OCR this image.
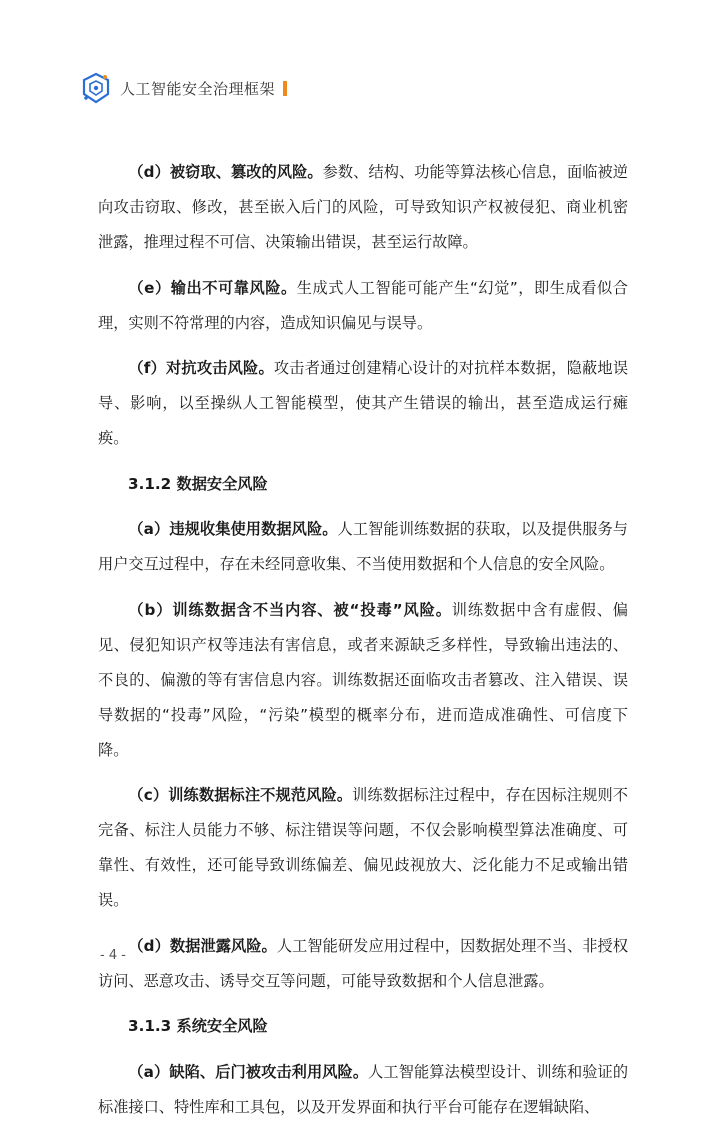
人工智能安全治理框架

（d）被窃取、篡改的风险。参数、结构、功能等算法核心信息，面临被逆向攻击窃取、修改，甚至嵌入后门的风险，可导致知识产权被侵犯、商业机密泄露，推理过程不可信、决策输出错误，甚至运行故障。

（e）输出不可靠风险。生成式人工智能可能产生“幻觉”，即生成看似合理，实则不符常理的内容，造成知识偏见与误导。

（f）对抗攻击风险。攻击者通过创建精心设计的对抗样本数据，隐蔽地误导、影响，以至操纵人工智能模型，使其产生错误的输出，甚至造成运行瘫痪。

3.1.2 数据安全风险

（a）违规收集使用数据风险。人工智能训练数据的获取，以及提供服务与用户交互过程中，存在未经同意收集、不当使用数据和个人信息的安全风险。

（b）训练数据含不当内容、被“投毒”风险。训练数据中含有虚假、偏见、侵犯知识产权等违法有害信息，或者来源缺乏多样性，导致输出违法的、不良的、偏激的等有害信息内容。训练数据还面临攻击者篡改、注入错误、误导数据的“投毒”风险，“污染”模型的概率分布，进而造成准确性、可信度下降。

（c）训练数据标注不规范风险。训练数据标注过程中，存在因标注规则不完备、标注人员能力不够、标注错误等问题，不仅会影响模型算法准确度、可靠性、有效性，还可能导致训练偏差、偏见歧视放大、泛化能力不足或输出错误。

（d）数据泄露风险。人工智能研发应用过程中，因数据处理不当、非授权访问、恶意攻击、诱导交互等问题，可能导致数据和个人信息泄露。

3.1.3 系统安全风险

（a）缺陷、后门被攻击利用风险。人工智能算法模型设计、训练和验证的标准接口、特性库和工具包，以及开发界面和执行平台可能存在逻辑缺陷、

- 4 -
